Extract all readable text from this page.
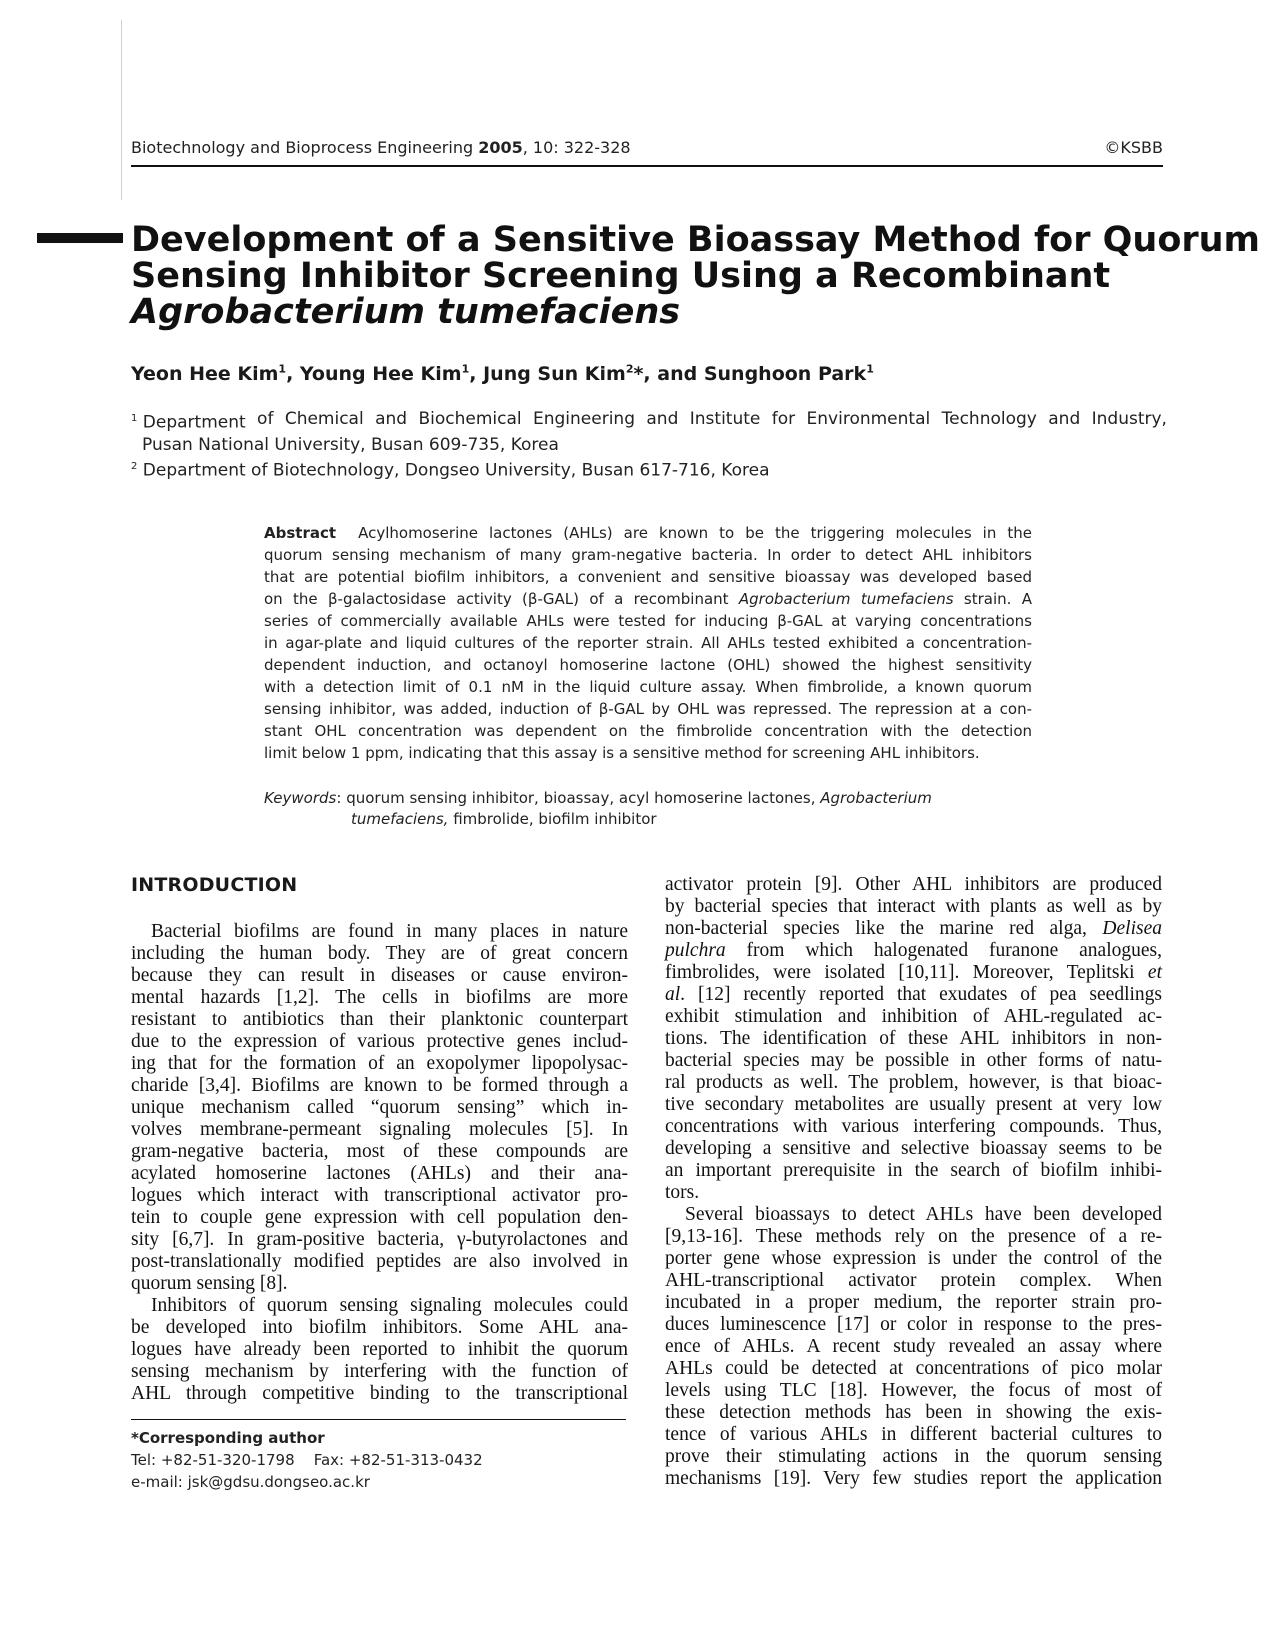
Biotechnology and Bioprocess Engineering 2005, 10: 322-328	©KSBB
Development of a Sensitive Bioassay Method for Quorum
Sensing Inhibitor Screening Using a Recombinant
Agrobacterium tumefaciens
Yeon Hee Kim$^1$, Young Hee Kim$^1$, Jung Sun Kim$^2$*, and Sunghoon Park$^1$

$^1$ Department of Chemical and Biochemical Engineering and Institute for Environmental Technology and Industry,

Pusan National University, Busan 609-735, Korea

$^2$ Department of Biotechnology, Dongseo University, Busan 617-716, Korea

Abstract Acylhomoserine lactones (AHLs) are known to be the triggering molecules in the

quorum sensing mechanism of many gram-negative bacteria. In order to detect AHL inhibitors

that are potential biofilm inhibitors, a convenient and sensitive bioassay was developed based

on the β-galactosidase activity (β-GAL) of a recombinant Agrobacterium tumefaciens strain. A

series of commercially available AHLs were tested for inducing β-GAL at varying concentrations

in agar-plate and liquid cultures of the reporter strain. All AHLs tested exhibited a concentration-

dependent induction, and octanoyl homoserine lactone (OHL) showed the highest sensitivity

with a detection limit of 0.1 nM in the liquid culture assay. When fimbrolide, a known quorum

sensing inhibitor, was added, induction of β-GAL by OHL was repressed. The repression at a con-

stant OHL concentration was dependent on the fimbrolide concentration with the detection

limit below 1 ppm, indicating that this assay is a sensitive method for screening AHL inhibitors.

Keywords: quorum sensing inhibitor, bioassay, acyl homoserine lactones, Agrobacterium

tumefaciens, fimbrolide, biofilm inhibitor

INTRODUCTION

Bacterial biofilms are found in many places in nature

including the human body. They are of great concern

because they can result in diseases or cause environ-

mental hazards [1,2]. The cells in biofilms are more

resistant to antibiotics than their planktonic counterpart

due to the expression of various protective genes includ-

ing that for the formation of an exopolymer lipopolysac-

charide [3,4]. Biofilms are known to be formed through a

unique mechanism called “quorum sensing” which in-

volves membrane-permeant signaling molecules [5]. In

gram-negative bacteria, most of these compounds are

acylated homoserine lactones (AHLs) and their ana-

logues which interact with transcriptional activator pro-

tein to couple gene expression with cell population den-

sity [6,7]. In gram-positive bacteria, γ-butyrolactones and

post-translationally modified peptides are also involved in

quorum sensing [8].

Inhibitors of quorum sensing signaling molecules could

be developed into biofilm inhibitors. Some AHL ana-

logues have already been reported to inhibit the quorum

sensing mechanism by interfering with the function of

AHL through competitive binding to the transcriptional

activator protein [9]. Other AHL inhibitors are produced

by bacterial species that interact with plants as well as by

non-bacterial species like the marine red alga, Delisea

pulchra from which halogenated furanone analogues,

fimbrolides, were isolated [10,11]. Moreover, Teplitski et

al. [12] recently reported that exudates of pea seedlings

exhibit stimulation and inhibition of AHL-regulated ac-

tions. The identification of these AHL inhibitors in non-

bacterial species may be possible in other forms of natu-

ral products as well. The problem, however, is that bioac-

tive secondary metabolites are usually present at very low

concentrations with various interfering compounds. Thus,

developing a sensitive and selective bioassay seems to be

an important prerequisite in the search of biofilm inhibi-

tors.

Several bioassays to detect AHLs have been developed

[9,13-16]. These methods rely on the presence of a re-

porter gene whose expression is under the control of the

AHL-transcriptional activator protein complex. When

incubated in a proper medium, the reporter strain pro-

duces luminescence [17] or color in response to the pres-

ence of AHLs. A recent study revealed an assay where

AHLs could be detected at concentrations of pico molar

levels using TLC [18]. However, the focus of most of

these detection methods has been in showing the exis-

tence of various AHLs in different bacterial cultures to

prove their stimulating actions in the quorum sensing

mechanisms [19]. Very few studies report the application

*Corresponding author

Tel: +82-51-320-1798 Fax: +82-51-313-0432

e-mail: jsk@gdsu.dongseo.ac.kr
